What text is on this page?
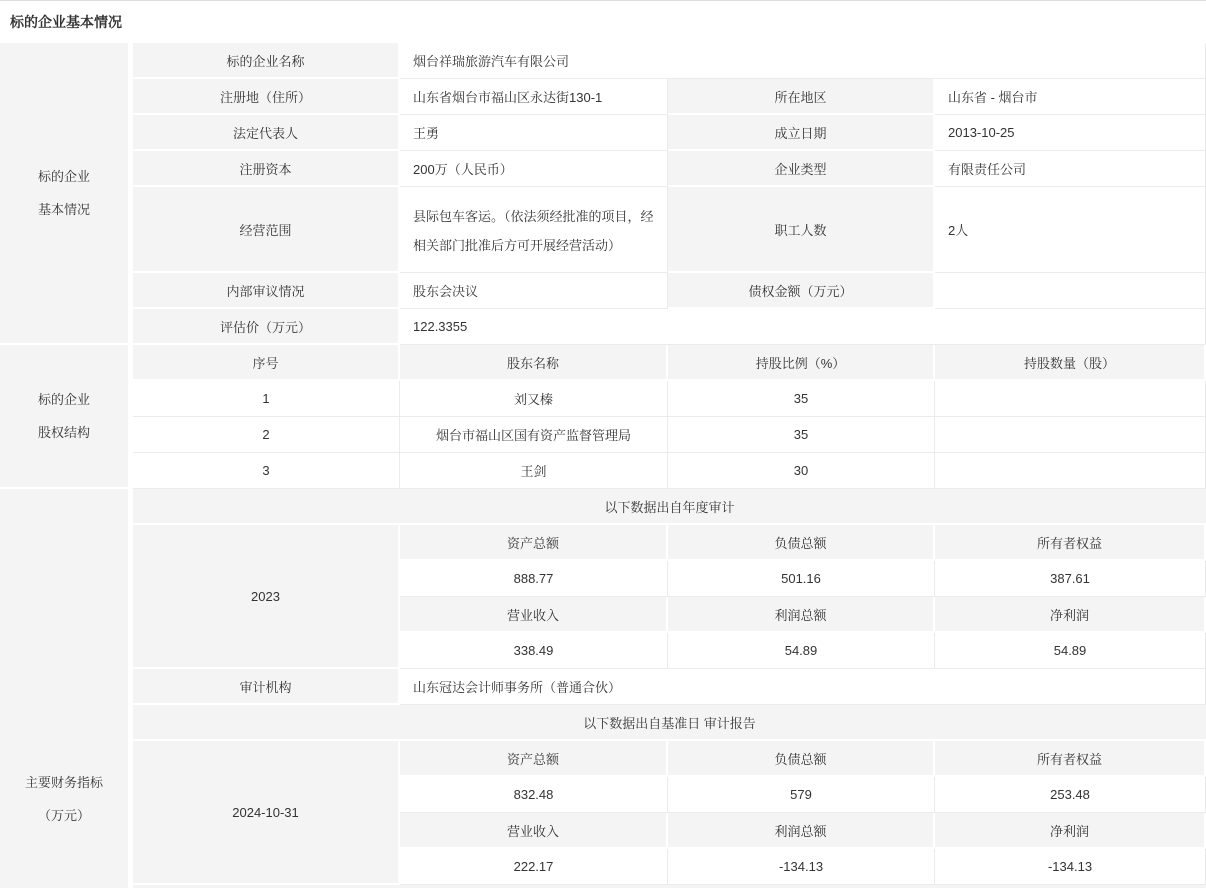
标的企业基本情况
标的企业
基本情况	标的企业名称	烟台祥瑞旅游汽车有限公司		
	注册地（住所）	山东省烟台市福山区永达街130-1	所在地区	山东省 - 烟台市
	法定代表人	王勇	成立日期	2013-10-25
	注册资本	200万（人民币）	企业类型	有限责任公司
	经营范围	县际包车客运。（依法须经批准的项目，经相关部门批准后方可开展经营活动）	职工人数	2人
	内部审议情况	股东会决议	债权金额（万元）	
	评估价（万元）	122.3355		

标的企业
股权结构	序号	股东名称	持股比例（%）	持股数量（股）
	1	刘又榛	35	
	2	烟台市福山区国有资产监督管理局	35	
	3	王剑	30	

主要财务指标
（万元）	以下数据出自年度审计			
	2023	资产总额	负债总额	所有者权益
		888.77	501.16	387.61
		营业收入	利润总额	净利润
		338.49	54.89	54.89
	审计机构	山东冠达会计师事务所（普通合伙）		
	以下数据出自基准日 审计报告			
	2024-10-31	资产总额	负债总额	所有者权益
		832.48	579	253.48
		营业收入	利润总额	净利润
		222.17	-134.13	-134.13
